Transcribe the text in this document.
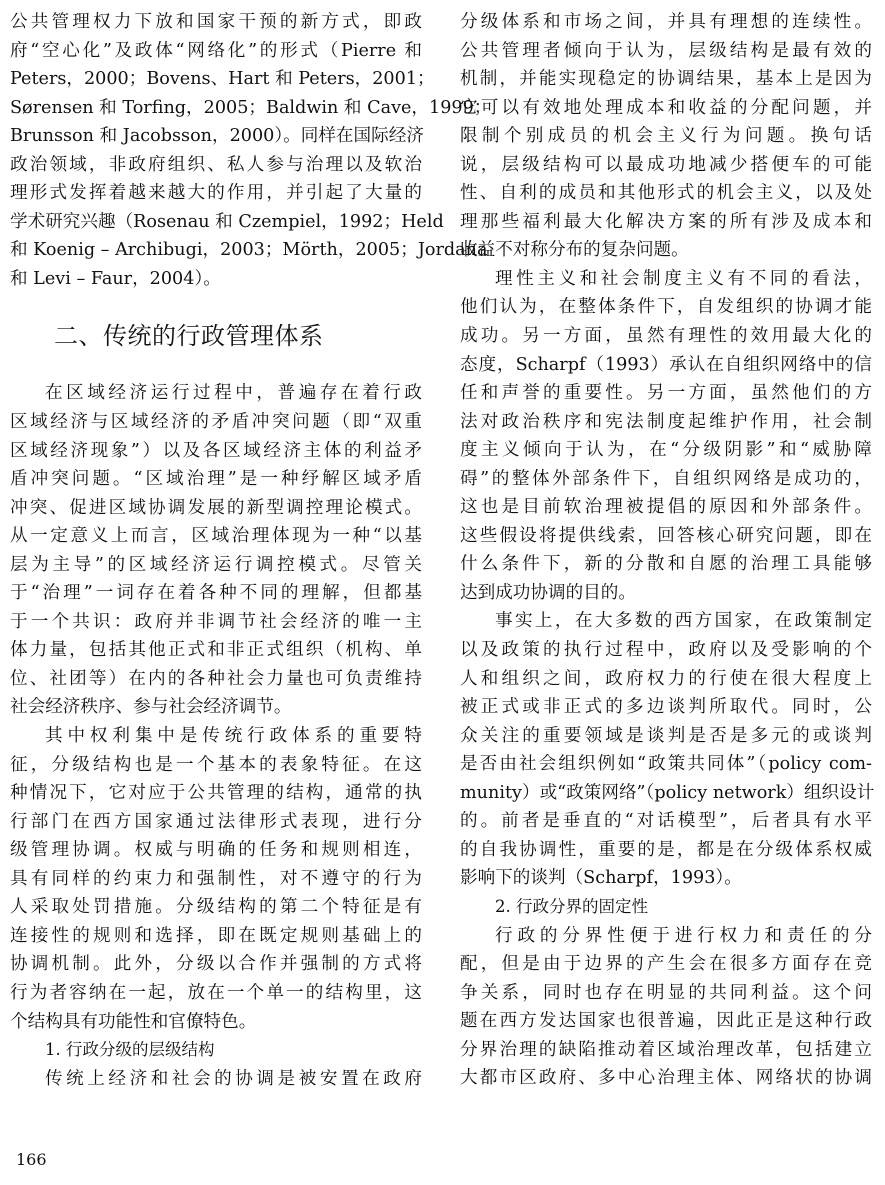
公共管理权力下放和国家干预的新方式，即政
府“空心化”及政体“网络化”的形式（Pierre 和
Peters，2000；Bovens、Hart 和 Peters，2001；
Sørensen 和 Torfing，2005；Baldwin 和 Cave，1999；
Brunsson 和 Jacobsson，2000）。同样在国际经济
政治领域，非政府组织、私人参与治理以及软治
理形式发挥着越来越大的作用，并引起了大量的
学术研究兴趣（Rosenau 和 Czempiel，1992；Held
和 Koenig – Archibugi，2003；Mörth，2005；Jordana
和 Levi – Faur，2004）。
二、传统的行政管理体系
在区域经济运行过程中，普遍存在着行政
区域经济与区域经济的矛盾冲突问题（即“双重
区域经济现象”）以及各区域经济主体的利益矛
盾冲突问题。“区域治理”是一种纾解区域矛盾
冲突、促进区域协调发展的新型调控理论模式。
从一定意义上而言，区域治理体现为一种“以基
层为主导”的区域经济运行调控模式。尽管关
于“治理”一词存在着各种不同的理解，但都基
于一个共识：政府并非调节社会经济的唯一主
体力量，包括其他正式和非正式组织（机构、单
位、社团等）在内的各种社会力量也可负责维持
社会经济秩序、参与社会经济调节。
其中权利集中是传统行政体系的重要特
征，分级结构也是一个基本的表象特征。在这
种情况下，它对应于公共管理的结构，通常的执
行部门在西方国家通过法律形式表现，进行分
级管理协调。权威与明确的任务和规则相连，
具有同样的约束力和强制性，对不遵守的行为
人采取处罚措施。分级结构的第二个特征是有
连接性的规则和选择，即在既定规则基础上的
协调机制。此外，分级以合作并强制的方式将
行为者容纳在一起，放在一个单一的结构里，这
个结构具有功能性和官僚特色。
1. 行政分级的层级结构
传统上经济和社会的协调是被安置在政府
分级体系和市场之间，并具有理想的连续性。
公共管理者倾向于认为，层级结构是最有效的
机制，并能实现稳定的协调结果，基本上是因为
它可以有效地处理成本和收益的分配问题，并
限制个别成员的机会主义行为问题。换句话
说，层级结构可以最成功地减少搭便车的可能
性、自利的成员和其他形式的机会主义，以及处
理那些福利最大化解决方案的所有涉及成本和
收益不对称分布的复杂问题。
理性主义和社会制度主义有不同的看法，
他们认为，在整体条件下，自发组织的协调才能
成功。另一方面，虽然有理性的效用最大化的
态度，Scharpf（1993）承认在自组织网络中的信
任和声誉的重要性。另一方面，虽然他们的方
法对政治秩序和宪法制度起维护作用，社会制
度主义倾向于认为，在“分级阴影”和“威胁障
碍”的整体外部条件下，自组织网络是成功的，
这也是目前软治理被提倡的原因和外部条件。
这些假设将提供线索，回答核心研究问题，即在
什么条件下，新的分散和自愿的治理工具能够
达到成功协调的目的。
事实上，在大多数的西方国家，在政策制定
以及政策的执行过程中，政府以及受影响的个
人和组织之间，政府权力的行使在很大程度上
被正式或非正式的多边谈判所取代。同时，公
众关注的重要领域是谈判是否是多元的或谈判
是否由社会组织例如“政策共同体”（policy com-
munity）或“政策网络”（policy network）组织设计
的。前者是垂直的“对话模型”，后者具有水平
的自我协调性，重要的是，都是在分级体系权威
影响下的谈判（Scharpf，1993）。
2. 行政分界的固定性
行政的分界性便于进行权力和责任的分
配，但是由于边界的产生会在很多方面存在竞
争关系，同时也存在明显的共同利益。这个问
题在西方发达国家也很普遍，因此正是这种行政
分界治理的缺陷推动着区域治理改革，包括建立
大都市区政府、多中心治理主体、网络状的协调
166
